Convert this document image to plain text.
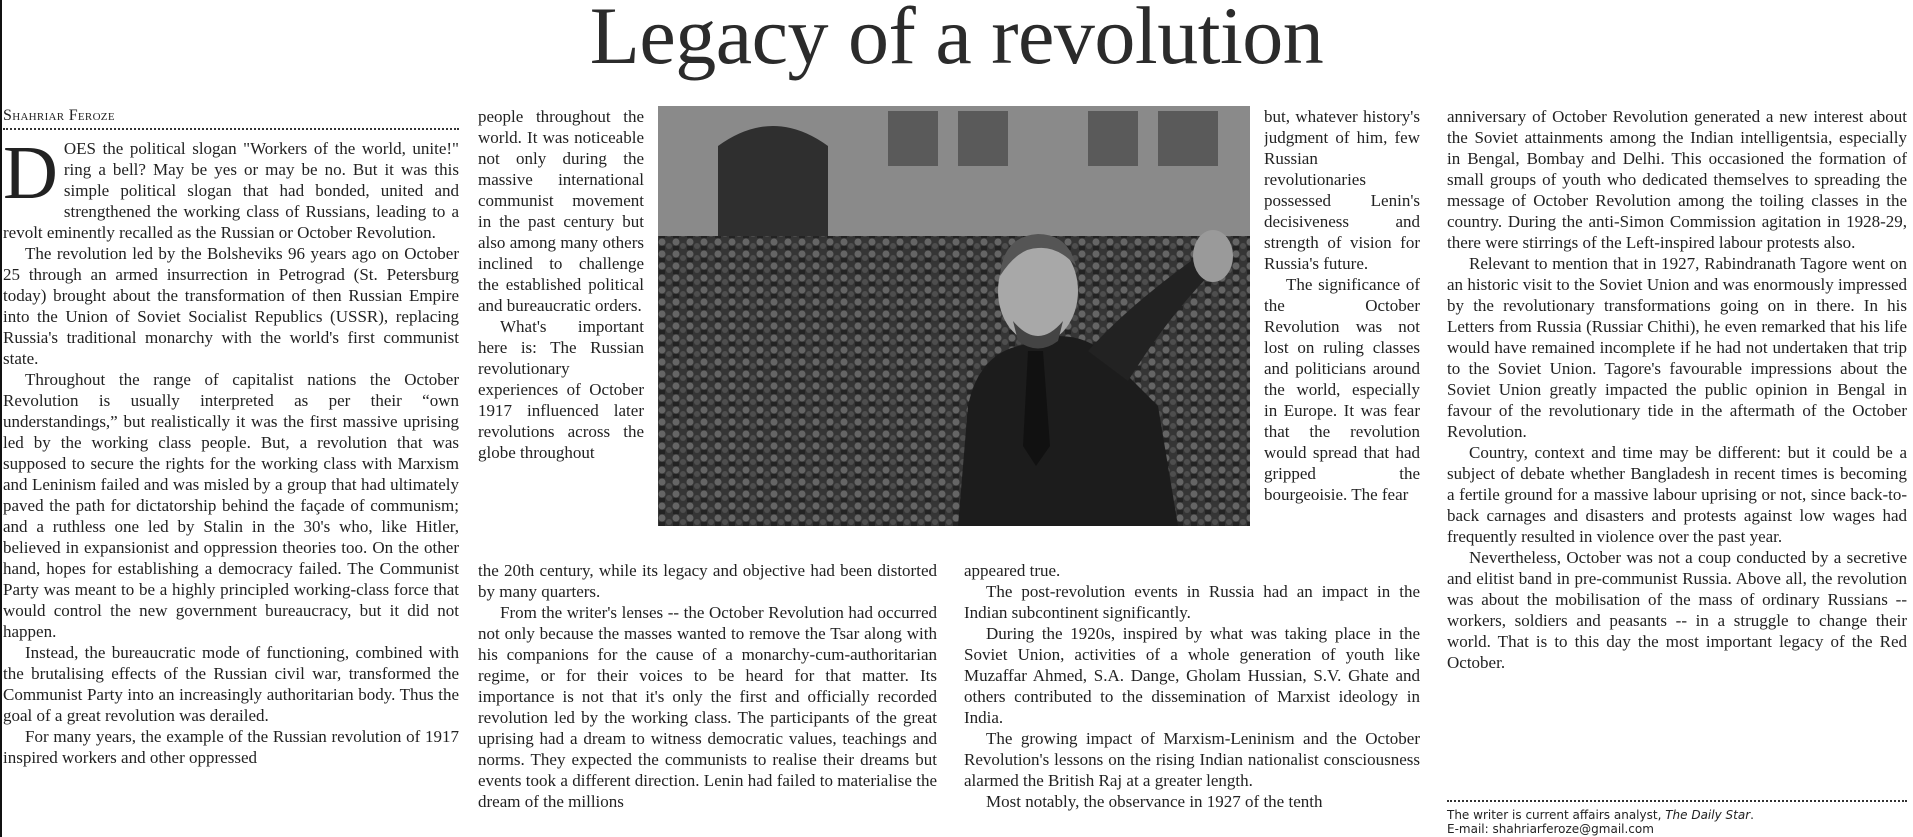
Legacy of a revolution
Shahriar Feroze

DOES the political slogan "Workers of the world, unite!" ring a bell? May be yes or may be no. But it was this simple political slogan that had bonded, united and strengthened the working class of Russians, leading to a revolt eminently recalled as the Russian or October Revolution.

The revolution led by the Bolsheviks 96 years ago on October 25 through an armed insurrection in Petrograd (St. Petersburg today) brought about the transformation of then Russian Empire into the Union of Soviet Socialist Republics (USSR), replacing Russia's traditional monarchy with the world's first communist state.

Throughout the range of capitalist nations the October Revolution is usually interpreted as per their “own understandings,” but realistically it was the first massive uprising led by the working class people. But, a revolution that was supposed to secure the rights for the working class with Marxism and Leninism failed and was misled by a group that had ultimately paved the path for dictatorship behind the façade of communism; and a ruthless one led by Stalin in the 30's who, like Hitler, believed in expansionist and oppression theories too. On the other hand, hopes for establishing a democracy failed. The Communist Party was meant to be a highly principled working-class force that would control the new government bureaucracy, but it did not happen.

Instead, the bureaucratic mode of functioning, combined with the brutalising effects of the Russian civil war, transformed the Communist Party into an increasingly authoritarian body. Thus the goal of a great revolution was derailed.

For many years, the example of the Russian revolution of 1917 inspired workers and other oppressed

people throughout the world. It was noticeable not only during the massive international communist movement in the past century but also among many others inclined to challenge the established political and bureaucratic orders.

What's important here is: The Russian revolutionary experiences of October 1917 influenced later revolutions across the globe throughout

but, whatever history's judgment of him, few Russian revolutionaries possessed Lenin's decisiveness and strength of vision for Russia's future.

The significance of the October Revolution was not lost on ruling classes and politicians around the world, especially in Europe. It was fear that the revolution would spread that had gripped the bourgeoisie. The fear

the 20th century, while its legacy and objective had been distorted by many quarters.

From the writer's lenses -- the October Revolution had occurred not only because the masses wanted to remove the Tsar along with his companions for the cause of a monarchy-cum-authoritarian regime, or for their voices to be heard for that matter. Its importance is not that it's only the first and officially recorded revolution led by the working class. The participants of the great uprising had a dream to witness democratic values, teachings and norms. They expected the communists to realise their dreams but events took a different direction. Lenin had failed to materialise the dream of the millions

appeared true.

The post-revolution events in Russia had an impact in the Indian subcontinent significantly.

During the 1920s, inspired by what was taking place in the Soviet Union, activities of a whole generation of youth like Muzaffar Ahmed, S.A. Dange, Gholam Hussian, S.V. Ghate and others contributed to the dissemination of Marxist ideology in India.

The growing impact of Marxism-Leninism and the October Revolution's lessons on the rising Indian nationalist consciousness alarmed the British Raj at a greater length.

Most notably, the observance in 1927 of the tenth

anniversary of October Revolution generated a new interest about the Soviet attainments among the Indian intelligentsia, especially in Bengal, Bombay and Delhi. This occasioned the formation of small groups of youth who dedicated themselves to spreading the message of October Revolution among the toiling classes in the country. During the anti-Simon Commission agitation in 1928-29, there were stirrings of the Left-inspired labour protests also.

Relevant to mention that in 1927, Rabindranath Tagore went on an historic visit to the Soviet Union and was enormously impressed by the revolutionary transformations going on in there. In his Letters from Russia (Russiar Chithi), he even remarked that his life would have remained incomplete if he had not undertaken that trip to the Soviet Union. Tagore's favourable impressions about the Soviet Union greatly impacted the public opinion in Bengal in favour of the revolutionary tide in the aftermath of the October Revolution.

Country, context and time may be different: but it could be a subject of debate whether Bangladesh in recent times is becoming a fertile ground for a massive labour uprising or not, since back-to-back carnages and disasters and protests against low wages had frequently resulted in violence over the past year.

Nevertheless, October was not a coup conducted by a secretive and elitist band in pre-communist Russia. Above all, the revolution was about the mobilisation of the mass of ordinary Russians -- workers, soldiers and peasants -- in a struggle to change their world. That is to this day the most important legacy of the Red October.

The writer is current affairs analyst, The Daily Star.
E-mail: shahriarferoze@gmail.com
